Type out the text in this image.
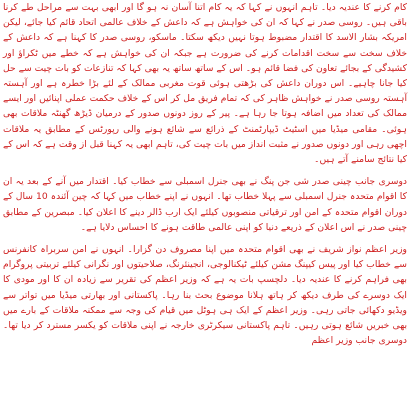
کام کرنے کا عندیہ دیا۔ تاہم انہوں نے کہا کہ یہ کام اتنا آسان نہ ہو گا اور ابھی بہت سے مراحل طے کرنا باقی ہیں۔ روسی صدر نے کہا کہ ان کی خواہش ہے کہ داعش کے خلاف عالمی اتحاد قائم کیا جائے، لیکن امریکہ بشار الاسد کا اقتدار مضبوط ہوتا نہیں دیکھ سکتا۔ ماسکو، روسی صدر کا کہنا ہے کہ داعش کے خلاف سخت سے سخت اقدامات کرنے کی ضرورت ہے جبکہ ان کی خواہش ہے کہ خطے میں ٹکراؤ اور کشیدگی کے بجائے تعاون کی فضا قائم ہو۔ اس کے ساتھ ساتھ یہ بھی کہا کہ تنازعات کو بات چیت سے حل کیا جانا چاہیے۔ اس دوران داعش کی بڑھتی ہوئی قوت مغربی ممالک کے لئے بڑا خطرہ ہے اور آہستہ آہستہ روسی صدر نے خواہش ظاہر کی کہ تمام فریق مل کر اس کے خلاف حکمت عملی اپنائیں اور ایسے ممالک کی تعداد میں اضافہ ہوتا جا رہا ہے۔ پیر کے روز دونوں صدور کے درمیان ڈیڑھ گھنٹہ ملاقات بھی ہوئی۔ مقامی میڈیا میں اسٹیٹ ڈیپارٹمنٹ کے ذرائع سے شائع ہونے والی رپورٹس کے مطابق یہ ملاقات اچھی رہی اور دونوں صدور نے مثبت انداز میں بات چیت کی، تاہم ابھی یہ کہنا قبل از وقت ہے کہ اس کے کیا نتائج سامنے آتے ہیں۔

دوسری جانب چینی صدر شی جن پنگ نے بھی جنرل اسمبلی سے خطاب کیا۔ اقتدار میں آنے کے بعد یہ ان کا اقوام متحدہ جنرل اسمبلی سے پہلا خطاب تھا۔ انہوں نے اپنے خطاب میں کہا کہ چین آئندہ 10 سال کے دوران اقوام متحدہ کے امن اور ترقیاتی منصوبوں کیلئے ایک ارب ڈالر دینے کا اعلان کیا۔ مبصرین کے مطابق چینی صدر نے اس اعلان کے ذریعے دنیا کو اپنی عالمی طاقت ہونے کا احساس دلایا ہے۔

وزیر اعظم نواز شریف نے بھی اقوام متحدہ میں اپنا مصروف دن گزارا۔ انہوں نے امن سربراہ کانفرنس سے خطاب کیا اور پیس کیپنگ مشن کیلئے ٹیکنالوجی، انجینئرنگ، صلاحیتوں اور نگرانی کیلئے تربیتی پروگرام بھی فراہم کرنے کا عندیہ دیا۔ دلچسپ بات یہ ہے کہ وزیر اعظم کی تقریر سے زیادہ ان کا اور مودی کا ایک دوسرے کی طرف دیکھ کر ہاتھ ہلانا موضوع بحث بنا رہا۔ پاکستانی اور بھارتی میڈیا میں تواتر سے ویڈیو دکھائی جاتی رہی۔ وزیر اعظم کے ایک ہی ہوٹل میں قیام کی وجہ سے ممکنہ ملاقات کے بارے میں بھی خبریں شائع ہوتی رہیں۔ تاہم پاکستانی سیکرٹری خارجہ نے اپنی ملاقات کو یکسر مسترد کر دیا تھا۔ دوسری جانب وزیر اعظم
